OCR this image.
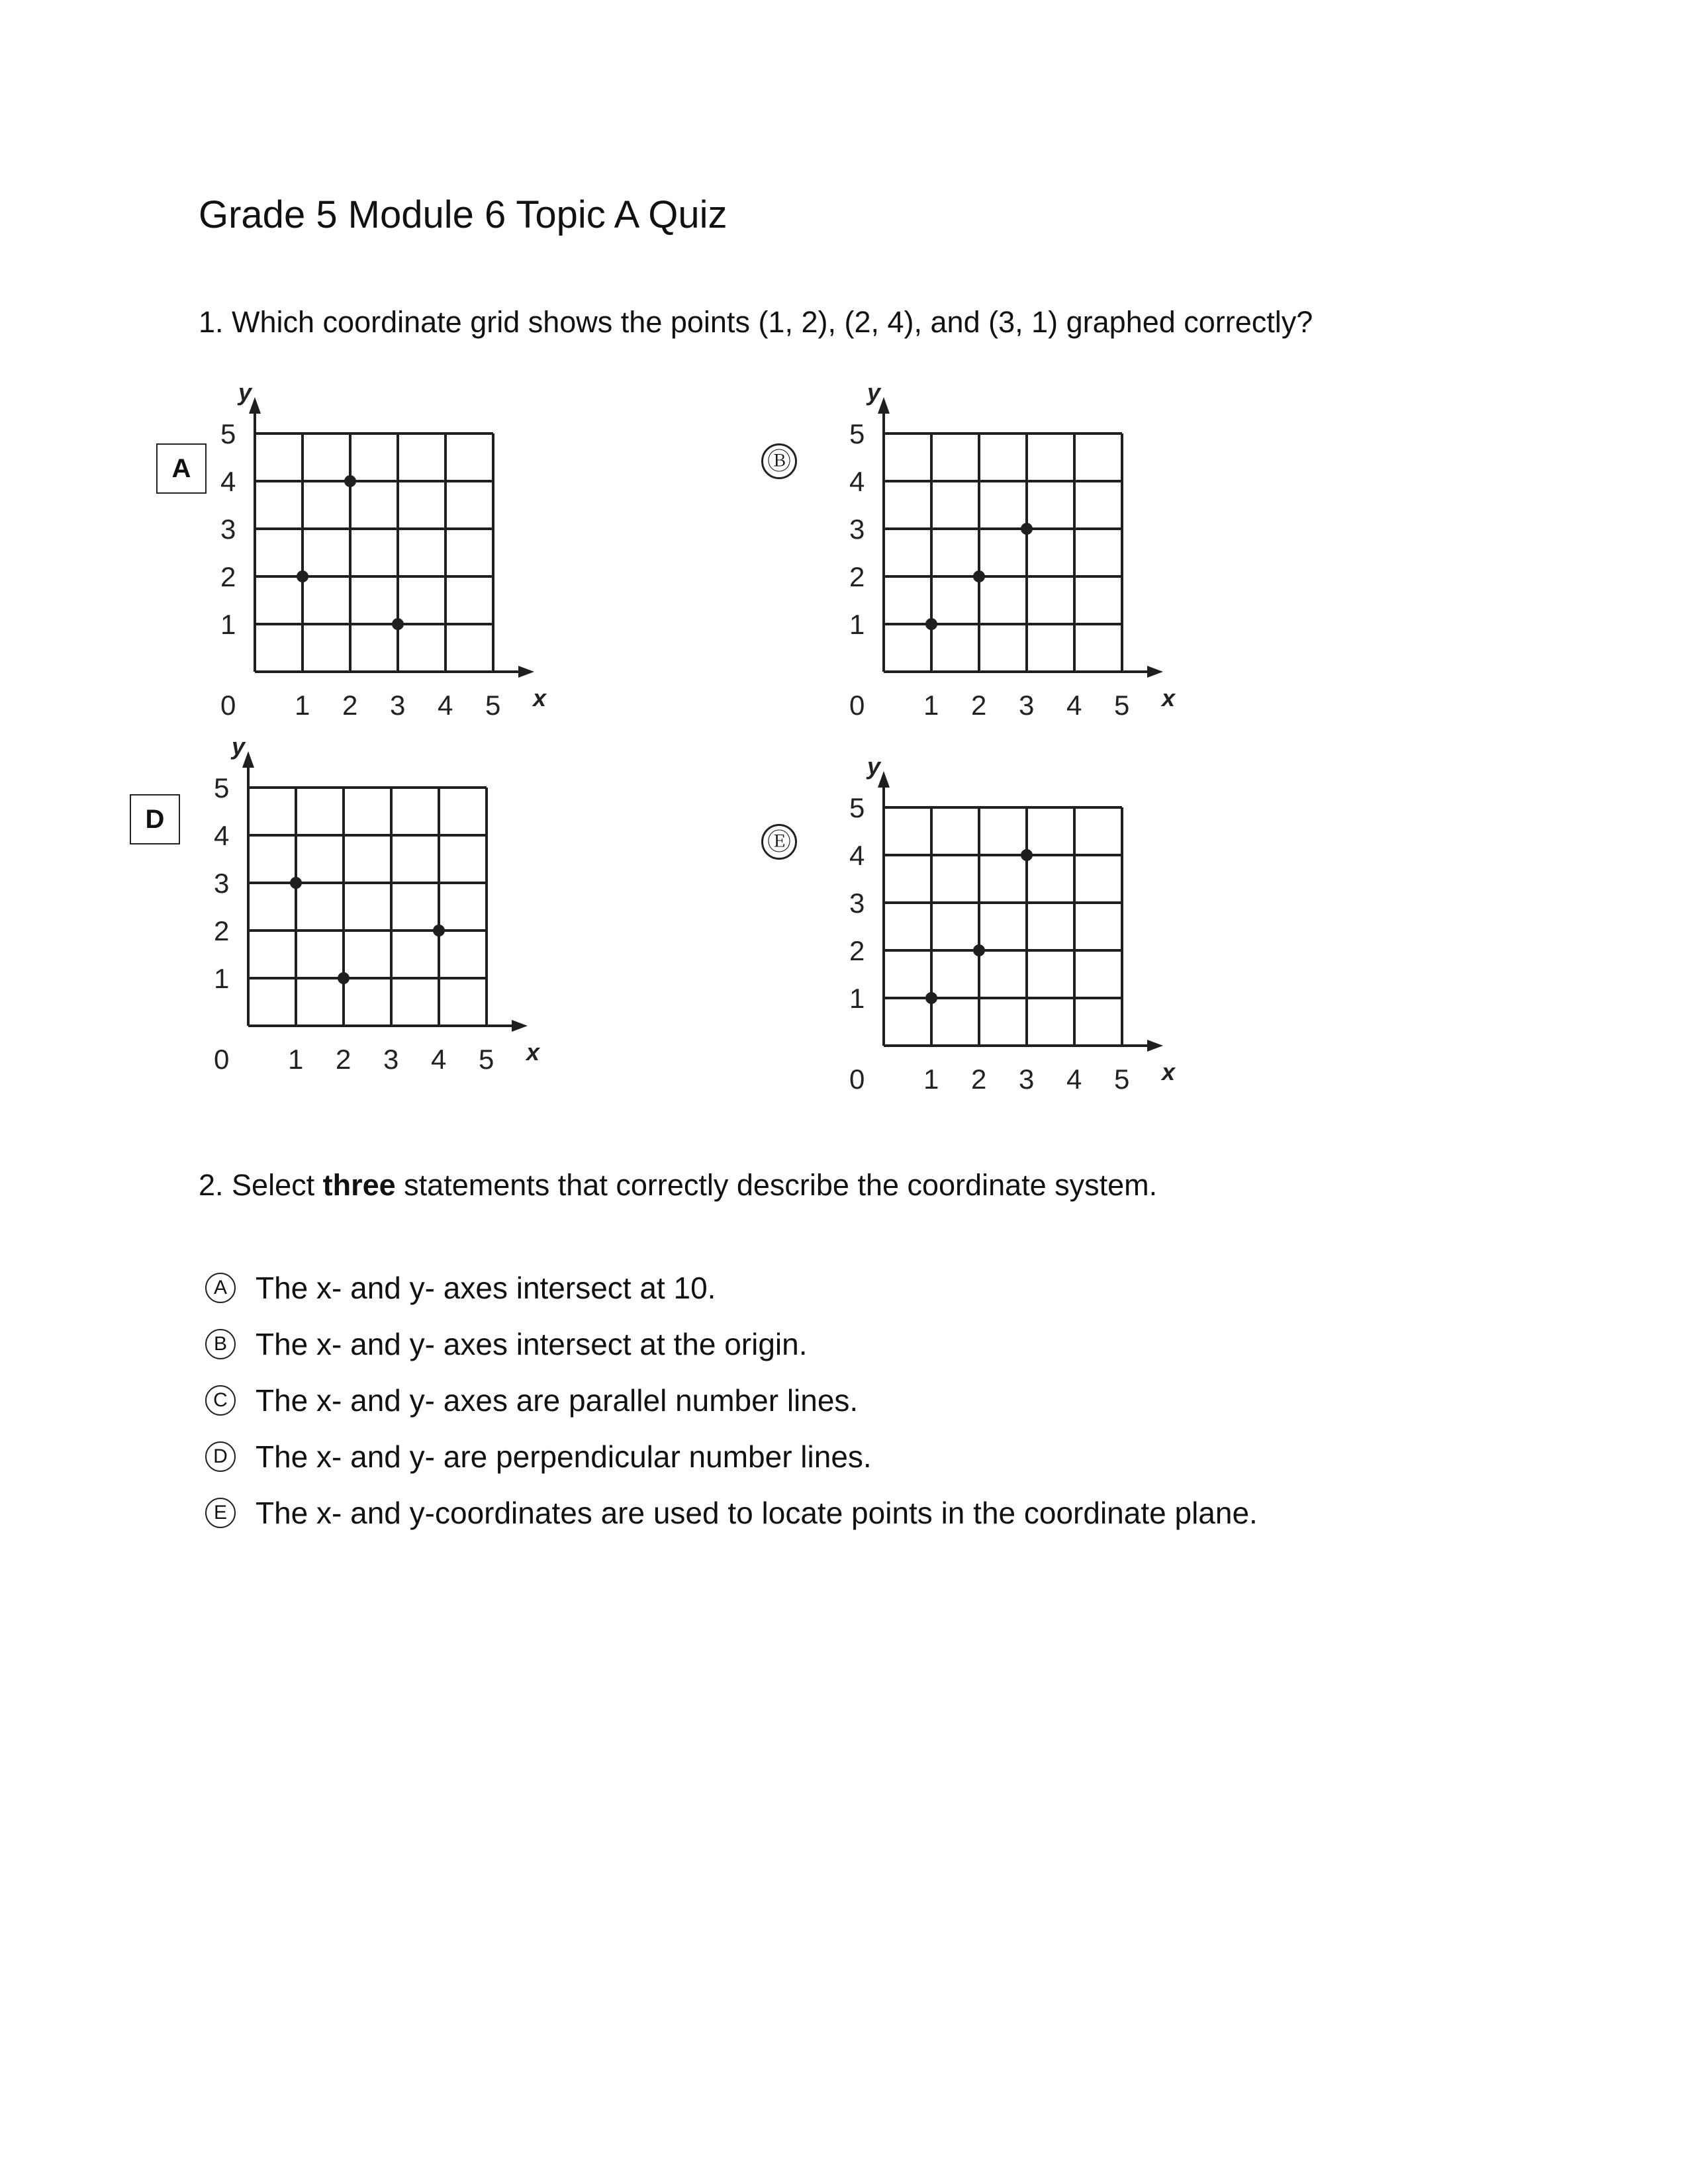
Grade 5 Module 6 Topic A Quiz
1. Which coordinate grid shows the points (1, 2), (2, 4), and (3, 1) graphed correctly?
A	Ⓑ
D
Ⓔ
0 1
1
2
2
3
3
4
4
5
5
x
y
0 1
1
2
2
3
3
4
4
5
5
x
y
0 1
1
2
2
3
3
4
4
5
5
x
y
0 1
1
2
2
3
3
4
4
5
5
x
y
2. Select three statements that correctly describe the coordinate system.
A The x- and y- axes intersect at 10.
B The x- and y- axes intersect at the origin.
C The x- and y- axes are parallel number lines.
D The x- and y- are perpendicular number lines.
E The x- and y-coordinates are used to locate points in the coordinate plane.
